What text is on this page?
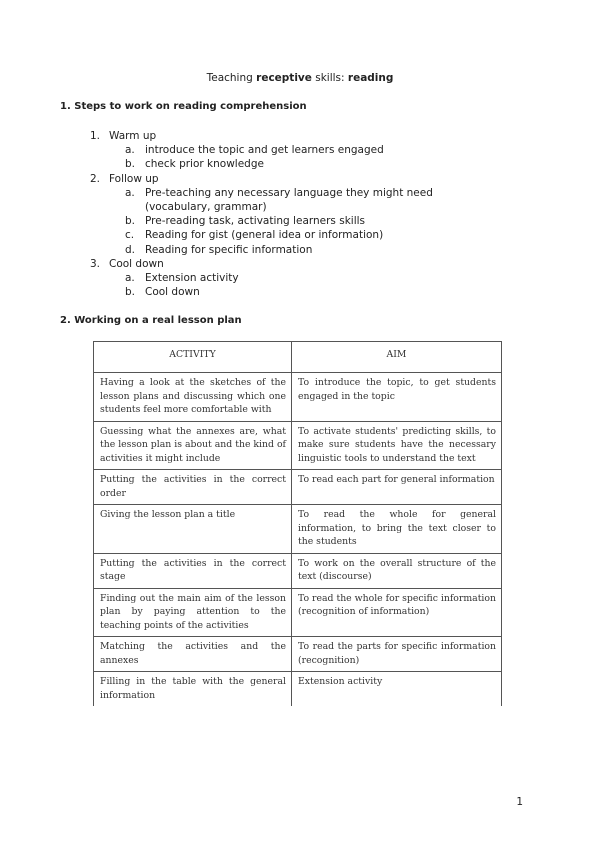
Teaching receptive skills: reading
1. Steps to work on reading comprehension
1. Warm up
a. introduce the topic and get learners engaged
b. check prior knowledge
2. Follow up
a. Pre-teaching any necessary language they might need (vocabulary, grammar)
b. Pre-reading task, activating learners skills
c. Reading for gist (general idea or information)
d. Reading for specific information
3. Cool down
a. Extension activity
b. Cool down
2. Working on a real lesson plan
ACTIVITY	AIM
Having a look at the sketches of the lesson plans and discussing which one students feel more comfortable with	To introduce the topic, to get students engaged in the topic
Guessing what the annexes are, what the lesson plan is about and the kind of activities it might include	To activate students' predicting skills, to make sure students have the necessary linguistic tools to understand the text
Putting the activities in the correct order	To read each part for general information
Giving the lesson plan a title	To read the whole for general information, to bring the text closer to the students
Putting the activities in the correct stage	To work on the overall structure of the text (discourse)
Finding out the main aim of the lesson plan by paying attention to the teaching points of the activities	To read the whole for specific information (recognition of information)
Matching the activities and the annexes	To read the parts for specific information (recognition)
Filling in the table with the general information	Extension activity
1
